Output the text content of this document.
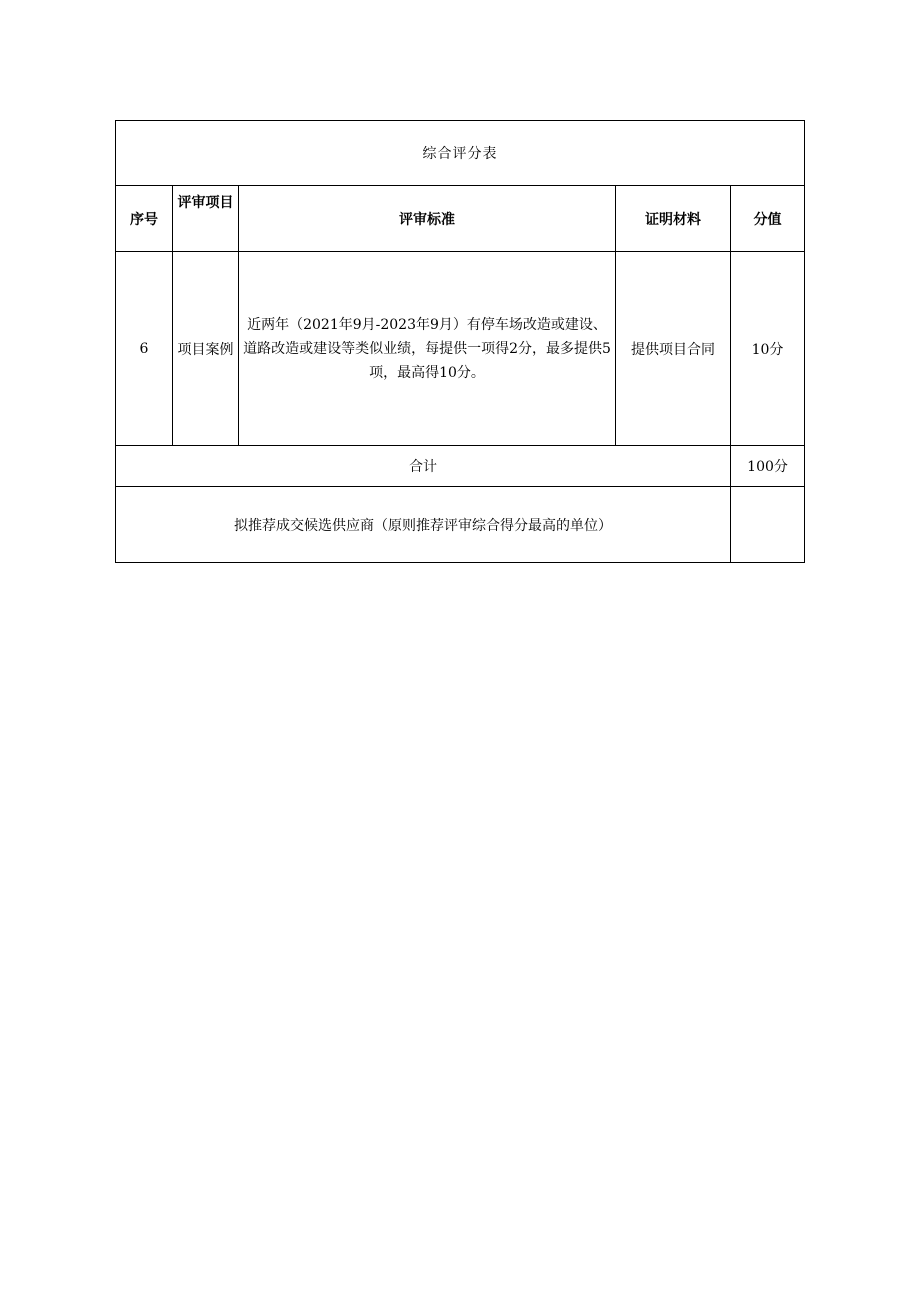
综合评分表				
序号	评审项目	评审标准	证明材料	分值
6	项目案例	近两年（2021年9月-2023年9月）有停车场改造或建设、道路改造或建设等类似业绩，每提供一项得2分，最多提供5项，最高得10分。	提供项目合同	10分
合计				100分
拟推荐成交候选供应商（原则推荐评审综合得分最高的单位）				
